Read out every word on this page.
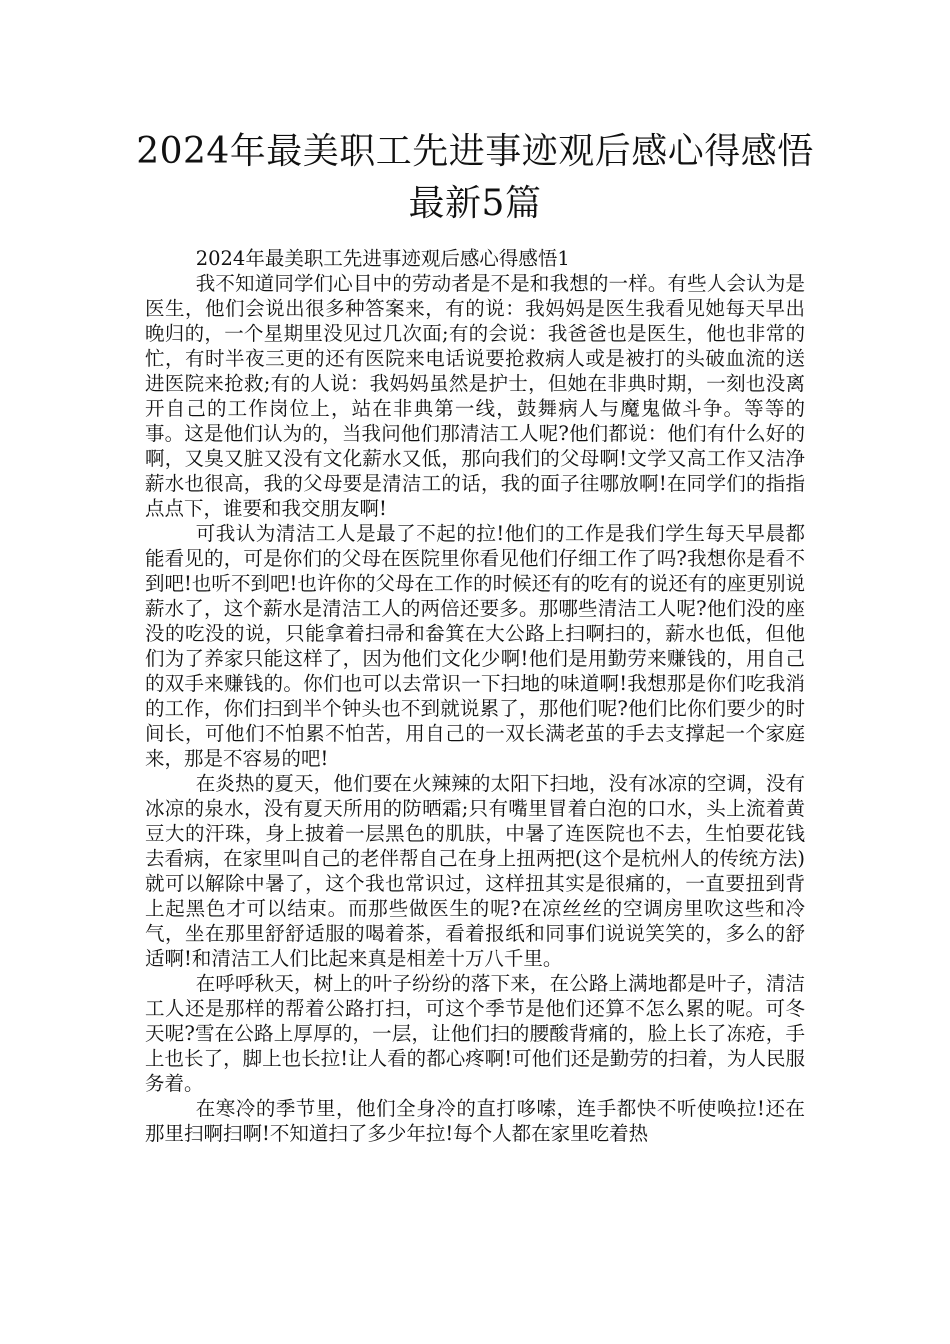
2024年最美职工先进事迹观后感心得感悟
最新5篇

2024年最美职工先进事迹观后感心得感悟1

我不知道同学们心目中的劳动者是不是和我想的一样。有些人会认为是医生，他们会说出很多种答案来，有的说：我妈妈是医生我看见她每天早出晚归的，一个星期里没见过几次面;有的会说：我爸爸也是医生，他也非常的忙，有时半夜三更的还有医院来电话说要抢救病人或是被打的头破血流的送进医院来抢救;有的人说：我妈妈虽然是护士，但她在非典时期，一刻也没离开自己的工作岗位上，站在非典第一线，鼓舞病人与魔鬼做斗争。等等的事。这是他们认为的，当我问他们那清洁工人呢?他们都说：他们有什么好的啊，又臭又脏又没有文化薪水又低，那向我们的父母啊!文学又高工作又洁净薪水也很高，我的父母要是清洁工的话，我的面子往哪放啊!在同学们的指指点点下，谁要和我交朋友啊!

可我认为清洁工人是最了不起的拉!他们的工作是我们学生每天早晨都能看见的，可是你们的父母在医院里你看见他们仔细工作了吗?我想你是看不到吧!也听不到吧!也许你的父母在工作的时候还有的吃有的说还有的座更别说薪水了，这个薪水是清洁工人的两倍还要多。那哪些清洁工人呢?他们没的座没的吃没的说，只能拿着扫帚和畚箕在大公路上扫啊扫的，薪水也低，但他们为了养家只能这样了，因为他们文化少啊!他们是用勤劳来赚钱的，用自己的双手来赚钱的。你们也可以去常识一下扫地的味道啊!我想那是你们吃我消的工作，你们扫到半个钟头也不到就说累了，那他们呢?他们比你们要少的时间长，可他们不怕累不怕苦，用自己的一双长满老茧的手去支撑起一个家庭来，那是不容易的吧!

在炎热的夏天，他们要在火辣辣的太阳下扫地，没有冰凉的空调，没有冰凉的泉水，没有夏天所用的防晒霜;只有嘴里冒着白泡的口水，头上流着黄豆大的汗珠，身上披着一层黑色的肌肤，中暑了连医院也不去，生怕要花钱去看病，在家里叫自己的老伴帮自己在身上扭两把(这个是杭州人的传统方法)就可以解除中暑了，这个我也常识过，这样扭其实是很痛的，一直要扭到背上起黑色才可以结束。而那些做医生的呢?在凉丝丝的空调房里吹这些和冷气，坐在那里舒舒适服的喝着茶，看着报纸和同事们说说笑笑的，多么的舒适啊!和清洁工人们比起来真是相差十万八千里。

在呼呼秋天，树上的叶子纷纷的落下来，在公路上满地都是叶子，清洁工人还是那样的帮着公路打扫，可这个季节是他们还算不怎么累的呢。可冬天呢?雪在公路上厚厚的，一层，让他们扫的腰酸背痛的，脸上长了冻疮，手上也长了，脚上也长拉!让人看的都心疼啊!可他们还是勤劳的扫着，为人民服务着。

在寒冷的季节里，他们全身冷的直打哆嗦，连手都快不听使唤拉!还在那里扫啊扫啊!不知道扫了多少年拉!每个人都在家里吃着热
